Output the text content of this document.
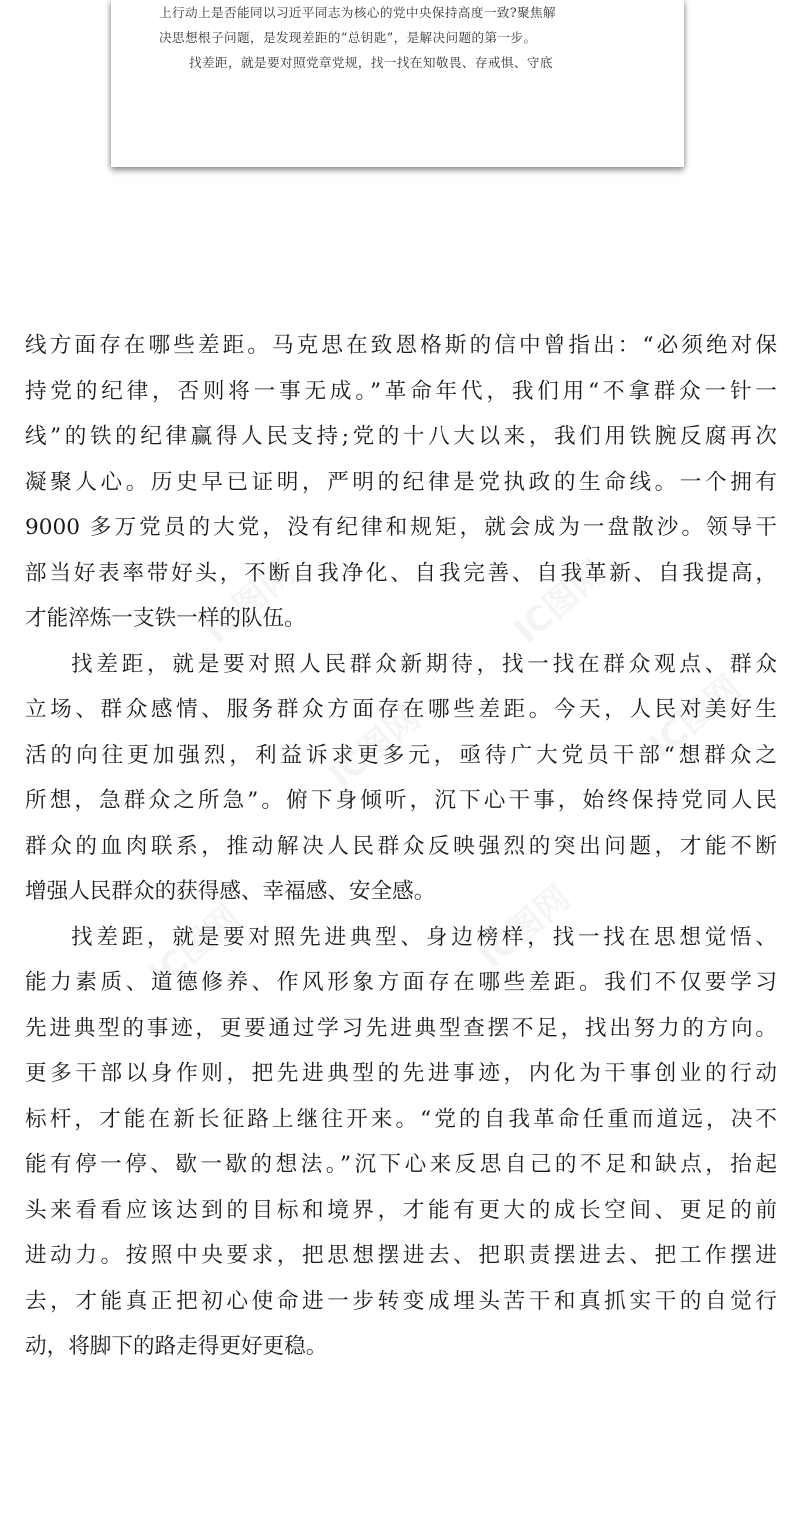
上行动上是否能同以习近平同志为核心的党中央保持高度一致?聚焦解

决思想根子问题，是发现差距的“总钥匙”，是解决问题的第一步。

找差距，就是要对照党章党规，找一找在知敬畏、存戒惧、守底

线方面存在哪些差距。马克思在致恩格斯的信中曾指出：“必须绝对保
持党的纪律，否则将一事无成。”革命年代，我们用“不拿群众一针一
线”的铁的纪律赢得人民支持;党的十八大以来，我们用铁腕反腐再次
凝聚人心。历史早已证明，严明的纪律是党执政的生命线。一个拥有
9000 多万党员的大党，没有纪律和规矩，就会成为一盘散沙。领导干
部当好表率带好头，不断自我净化、自我完善、自我革新、自我提高，
才能淬炼一支铁一样的队伍。
找差距，就是要对照人民群众新期待，找一找在群众观点、群众
立场、群众感情、服务群众方面存在哪些差距。今天，人民对美好生
活的向往更加强烈，利益诉求更多元，亟待广大党员干部“想群众之
所想，急群众之所急”。俯下身倾听，沉下心干事，始终保持党同人民
群众的血肉联系，推动解决人民群众反映强烈的突出问题，才能不断
增强人民群众的获得感、幸福感、安全感。
找差距，就是要对照先进典型、身边榜样，找一找在思想觉悟、
能力素质、道德修养、作风形象方面存在哪些差距。我们不仅要学习
先进典型的事迹，更要通过学习先进典型查摆不足，找出努力的方向。
更多干部以身作则，把先进典型的先进事迹，内化为干事创业的行动
标杆，才能在新长征路上继往开来。“党的自我革命任重而道远，决不
能有停一停、歇一歇的想法。”沉下心来反思自己的不足和缺点，抬起
头来看看应该达到的目标和境界，才能有更大的成长空间、更足的前
进动力。按照中央要求，把思想摆进去、把职责摆进去、把工作摆进
去，才能真正把初心使命进一步转变成埋头苦干和真抓实干的自觉行
动，将脚下的路走得更好更稳。
